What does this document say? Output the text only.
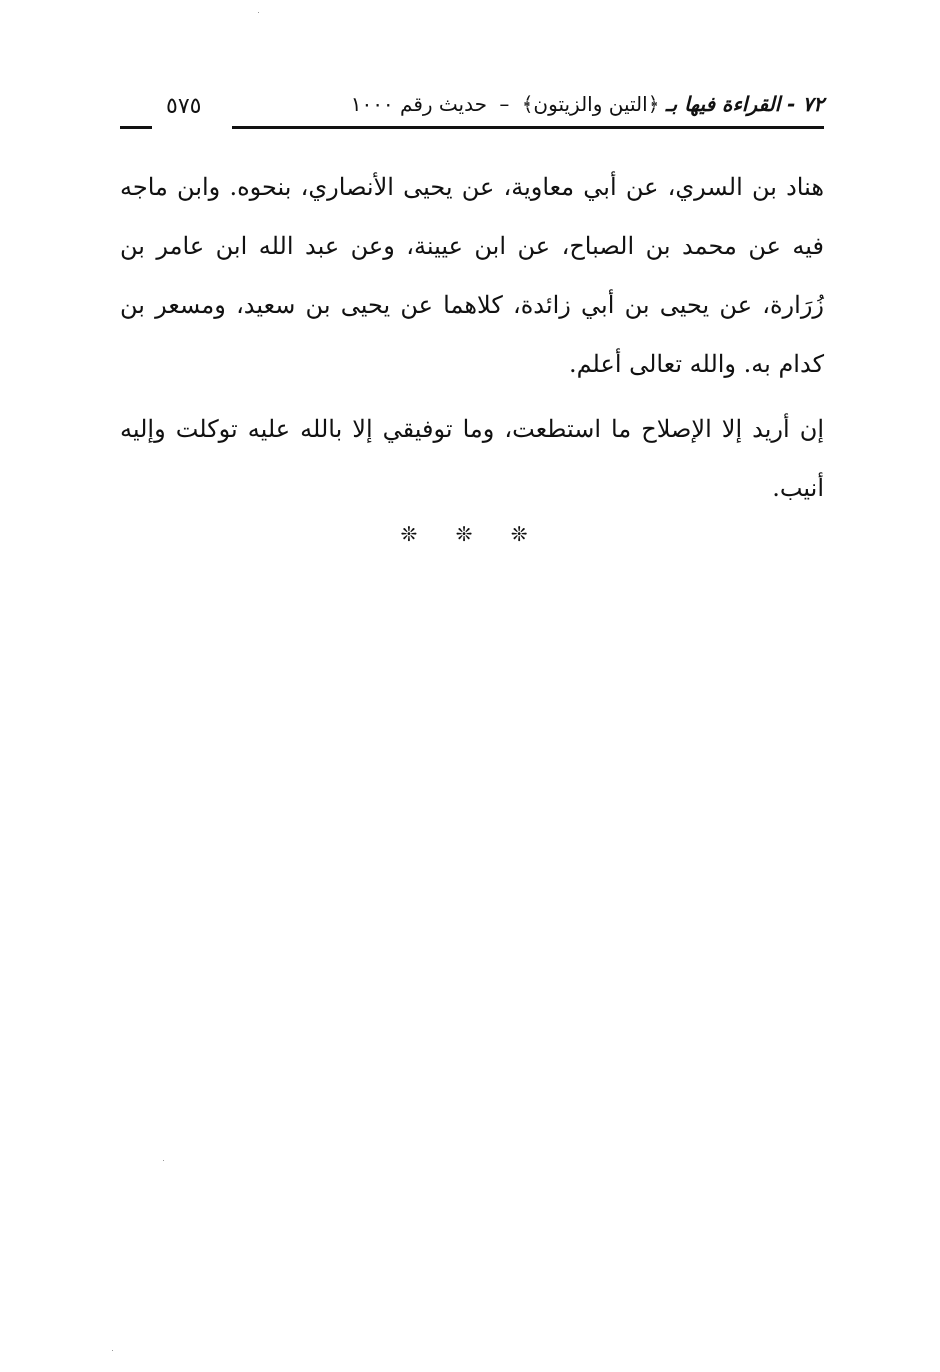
٧٢ - القراءة فيها بـ ﴿التين والزيتون﴾ – حديث رقم ١٠٠٠
٥٧٥

هناد بن السري، عن أبي معاوية، عن يحيى الأنصاري، بنحوه. وابن ماجه فيه عن محمد بن الصباح، عن ابن عيينة، وعن عبد الله ابن عامر بن زُرَارة، عن يحيى بن أبي زائدة، كلاهما عن يحيى بن سعيد، ومسعر بن كدام به. والله تعالى أعلم.

إن أريد إلا الإصلاح ما استطعت، وما توفيقي إلا بالله عليه توكلت وإليه أنيب.

❊ ❊ ❊
